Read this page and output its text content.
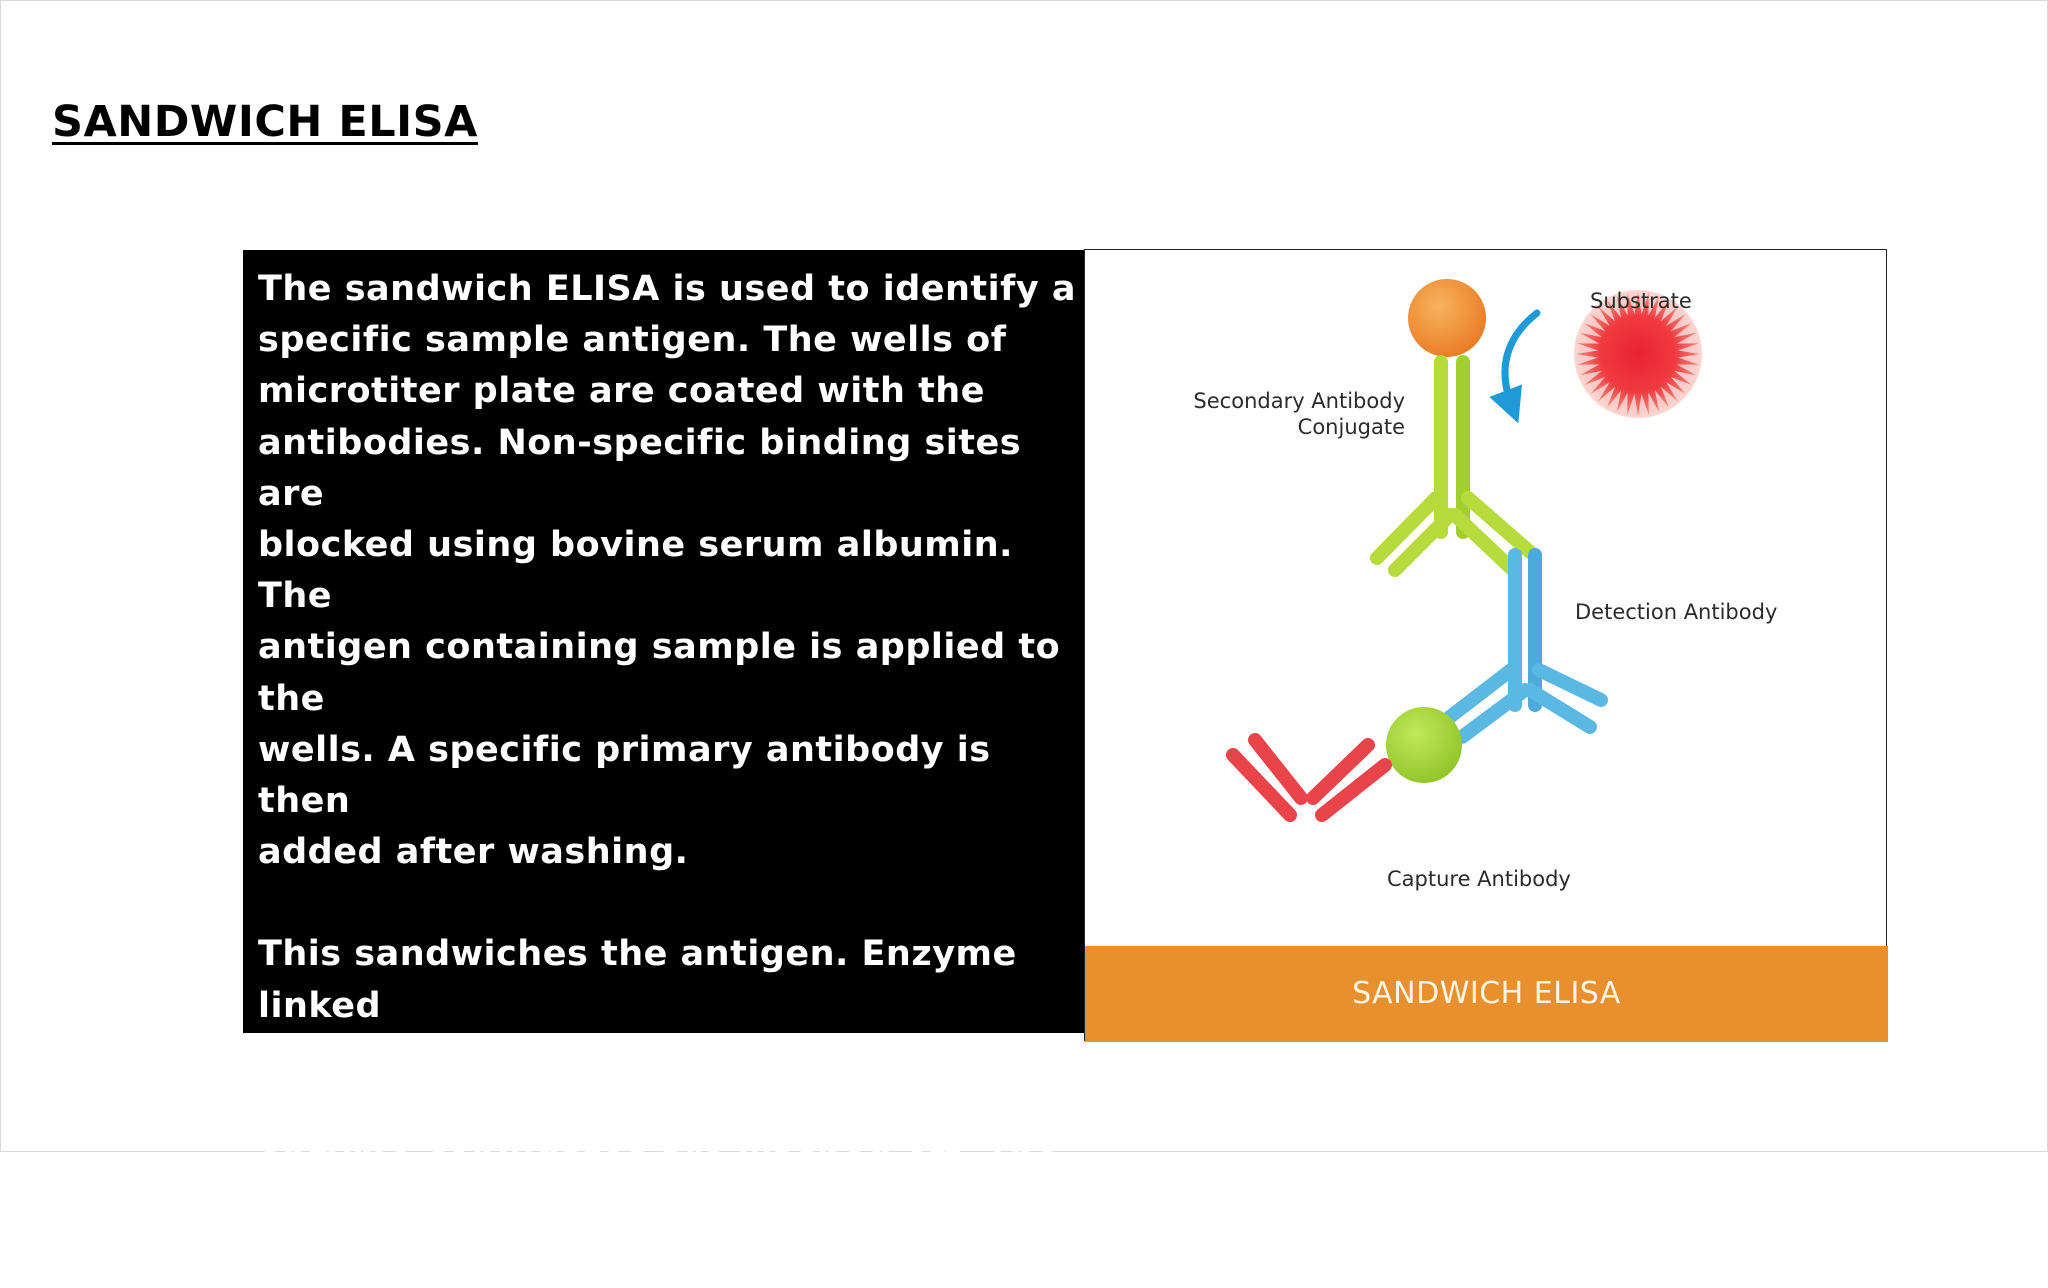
SANDWICH ELISA

The sandwich ELISA is used to identify a
specific sample antigen. The wells of
microtiter plate are coated with the
antibodies. Non-specific binding sites are
blocked using bovine serum albumin. The
antigen containing sample is applied to the
wells. A specific primary antibody is then
added after washing.

This sandwiches the antigen. Enzyme linked
secondary antibody is added that binds
primary antibody. Unbound antibody-
enzyme conjugates are washed off. The
substrate for enzyme is introduced to
quantify the antigens.

Substrate
Secondary Antibody
Conjugate
Detection Antibody
Capture Antibody
SANDWICH ELISA
